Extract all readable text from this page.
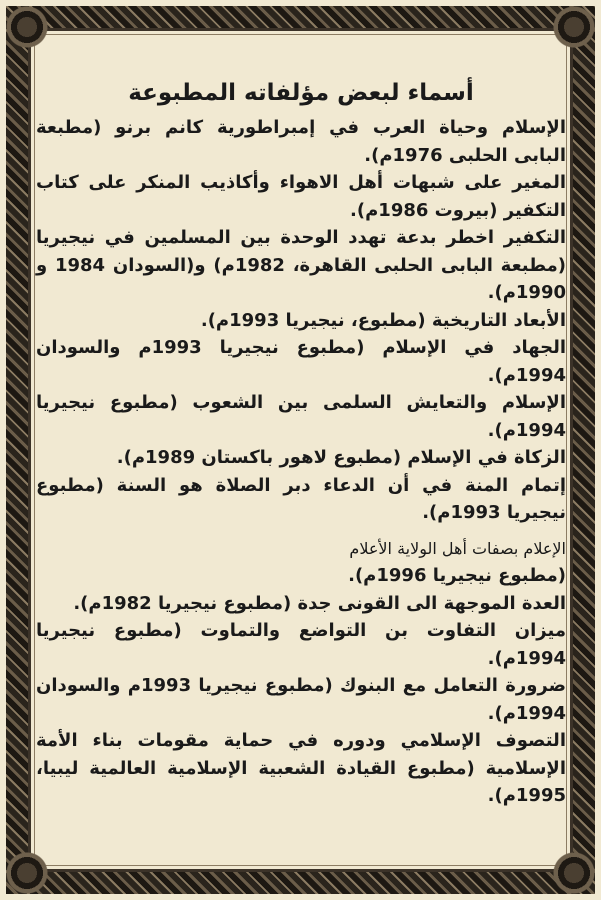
أسماء لبعض مؤلفاته المطبوعة

الإسلام وحياة العرب في إمبراطورية كانم برنو (مطبعة البابى الحلبى 1976م).

المغير على شبهات أهل الاهواء وأكاذيب المنكر على كتاب التكفير (بيروت 1986م).

التكفير اخطر بدعة تهدد الوحدة بين المسلمين في نيجيريا (مطبعة البابى الحلبى القاهرة، 1982م) و(السودان 1984 و 1990م).

الأبعاد التاريخية (مطبوع، نيجيريا 1993م).

الجهاد في الإسلام (مطبوع نيجيريا 1993م والسودان 1994م).

الإسلام والتعايش السلمى بين الشعوب (مطبوع نيجيريا 1994م).

الزكاة في الإسلام (مطبوع لاهور باكستان 1989م).

إتمام المنة في أن الدعاء دبر الصلاة هو السنة (مطبوع نيجيريا 1993م).

الإعلام بصفات أهل الولاية الأعلام

(مطبوع نيجيريا 1996م).

العدة الموجهة الى القونى جدة (مطبوع نيجيريا 1982م).

ميزان التفاوت بن التواضع والتماوت (مطبوع نيجيريا 1994م).

ضرورة التعامل مع البنوك (مطبوع نيجيريا 1993م والسودان 1994م).

التصوف الإسلامي ودوره في حماية مقومات بناء الأمة الإسلامية (مطبوع القيادة الشعبية الإسلامية العالمية ليبيا، 1995م).
